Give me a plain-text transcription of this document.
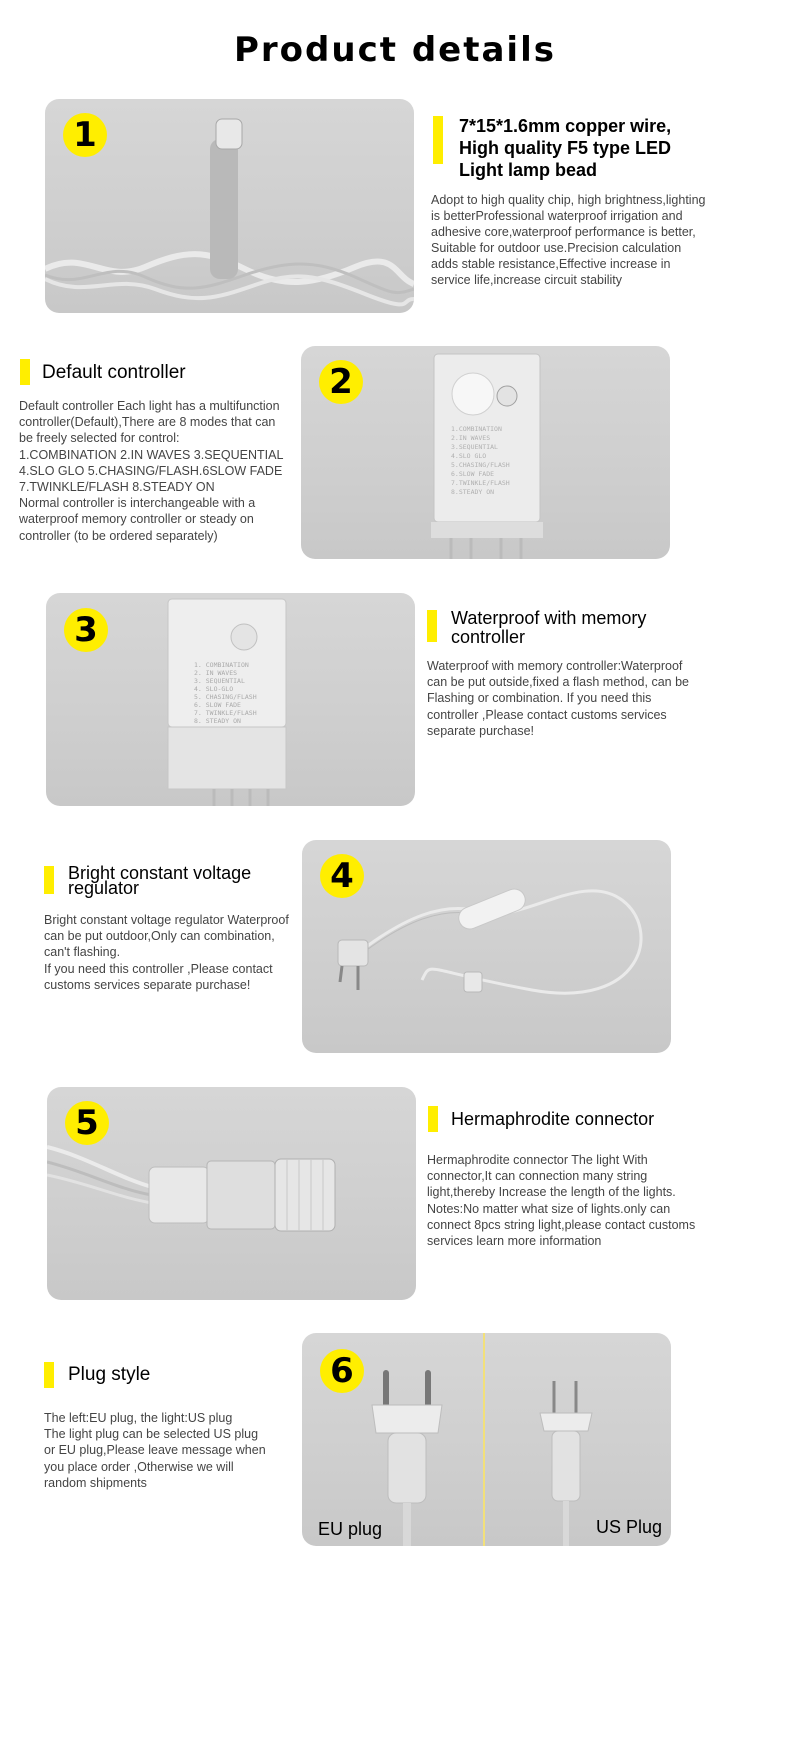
Product details
1	7*15*1.6mm copper wire,
High quality F5 type LED
Light lamp bead
Adopt to high quality chip, high brightness,lighting
is betterProfessional waterproof irrigation and
adhesive core,waterproof performance is better,
Suitable for outdoor use.Precision calculation
adds stable resistance,Effective increase in
service life,increase circuit stability
Default controller
Default controller Each light has a multifunction
controller(Default),There are 8 modes that can
be freely selected for control:
1.COMBINATION 2.IN WAVES 3.SEQUENTIAL
4.SLO GLO 5.CHASING/FLASH.6SLOW FADE
7.TWINKLE/FLASH 8.STEADY ON
Normal controller is interchangeable with a
waterproof memory controller or steady on
controller (to be ordered separately)
1.COMBINATION
2.IN WAVES
3.SEQUENTIAL
4.SLO GLO
5.CHASING/FLASH
6.SLOW FADE
7.TWINKLE/FLASH
8.STEADY ON
2
1. COMBINATION
2. IN WAVES
3. SEQUENTIAL
4. SLO-GLO
5. CHASING/FLASH
6. SLOW FADE
7. TWINKLE/FLASH
8. STEADY ON
3	Waterproof with memory
controller
Waterproof with memory controller:Waterproof
can be put outside,fixed a flash method, can be
Flashing or combination. If you need this
controller ,Please contact customs services
separate purchase!
Bright constant voltage
regulator
Bright constant voltage regulator Waterproof
can be put outdoor,Only can combination,
can't flashing.
If you need this controller ,Please contact
customs services separate purchase!
4
5	Hermaphrodite connector
Hermaphrodite connector The light With
connector,It can connection many string
light,thereby Increase the length of the lights.
Notes:No matter what size of lights.only can
connect 8pcs string light,please contact customs
services learn more information
Plug style
The left:EU plug, the light:US plug
The light plug can be selected US plug
or EU plug,Please leave message when
you place order ,Otherwise we will
random shipments
6
EU plug	US Plug
